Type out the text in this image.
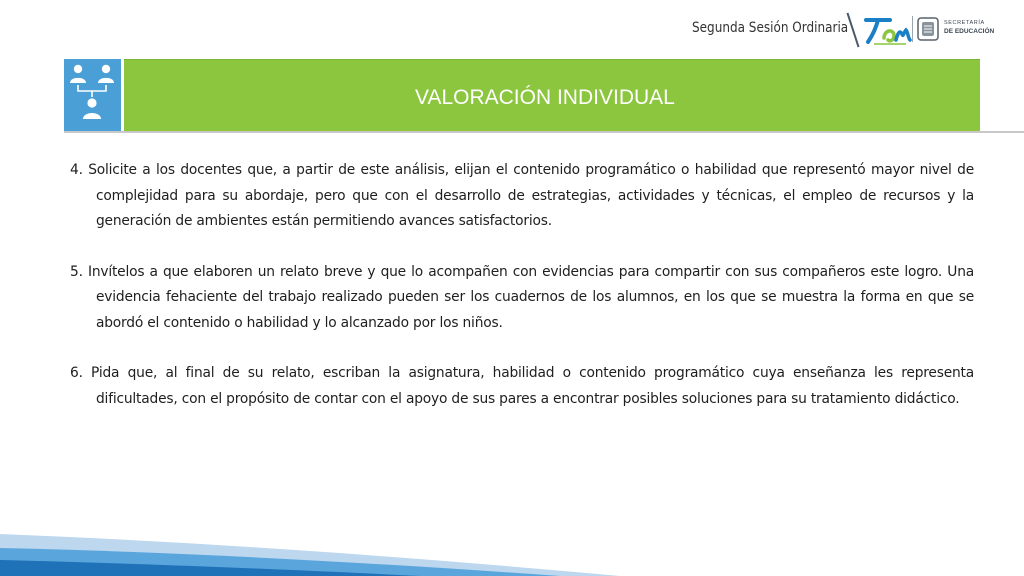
Segunda Sesión Ordinaria	SECRETARÍA
DE EDUCACIÓN
VALORACIÓN INDIVIDUAL

4. Solicite a los docentes que, a partir de este análisis, elijan el contenido programático o habilidad que representó mayor nivel de complejidad para su abordaje, pero que con el desarrollo de estrategias, actividades y técnicas, el empleo de recursos y la generación de ambientes están permitiendo avances satisfactorios.

5. Invítelos a que elaboren un relato breve y que lo acompañen con evidencias para compartir con sus compañeros este logro. Una evidencia fehaciente del trabajo realizado pueden ser los cuadernos de los alumnos, en los que se muestra la forma en que se abordó el contenido o habilidad y lo alcanzado por los niños.

6. Pida que, al final de su relato, escriban la asignatura, habilidad o contenido programático cuya enseñanza les representa dificultades, con el propósito de contar con el apoyo de sus pares a encontrar posibles soluciones para su tratamiento didáctico.
